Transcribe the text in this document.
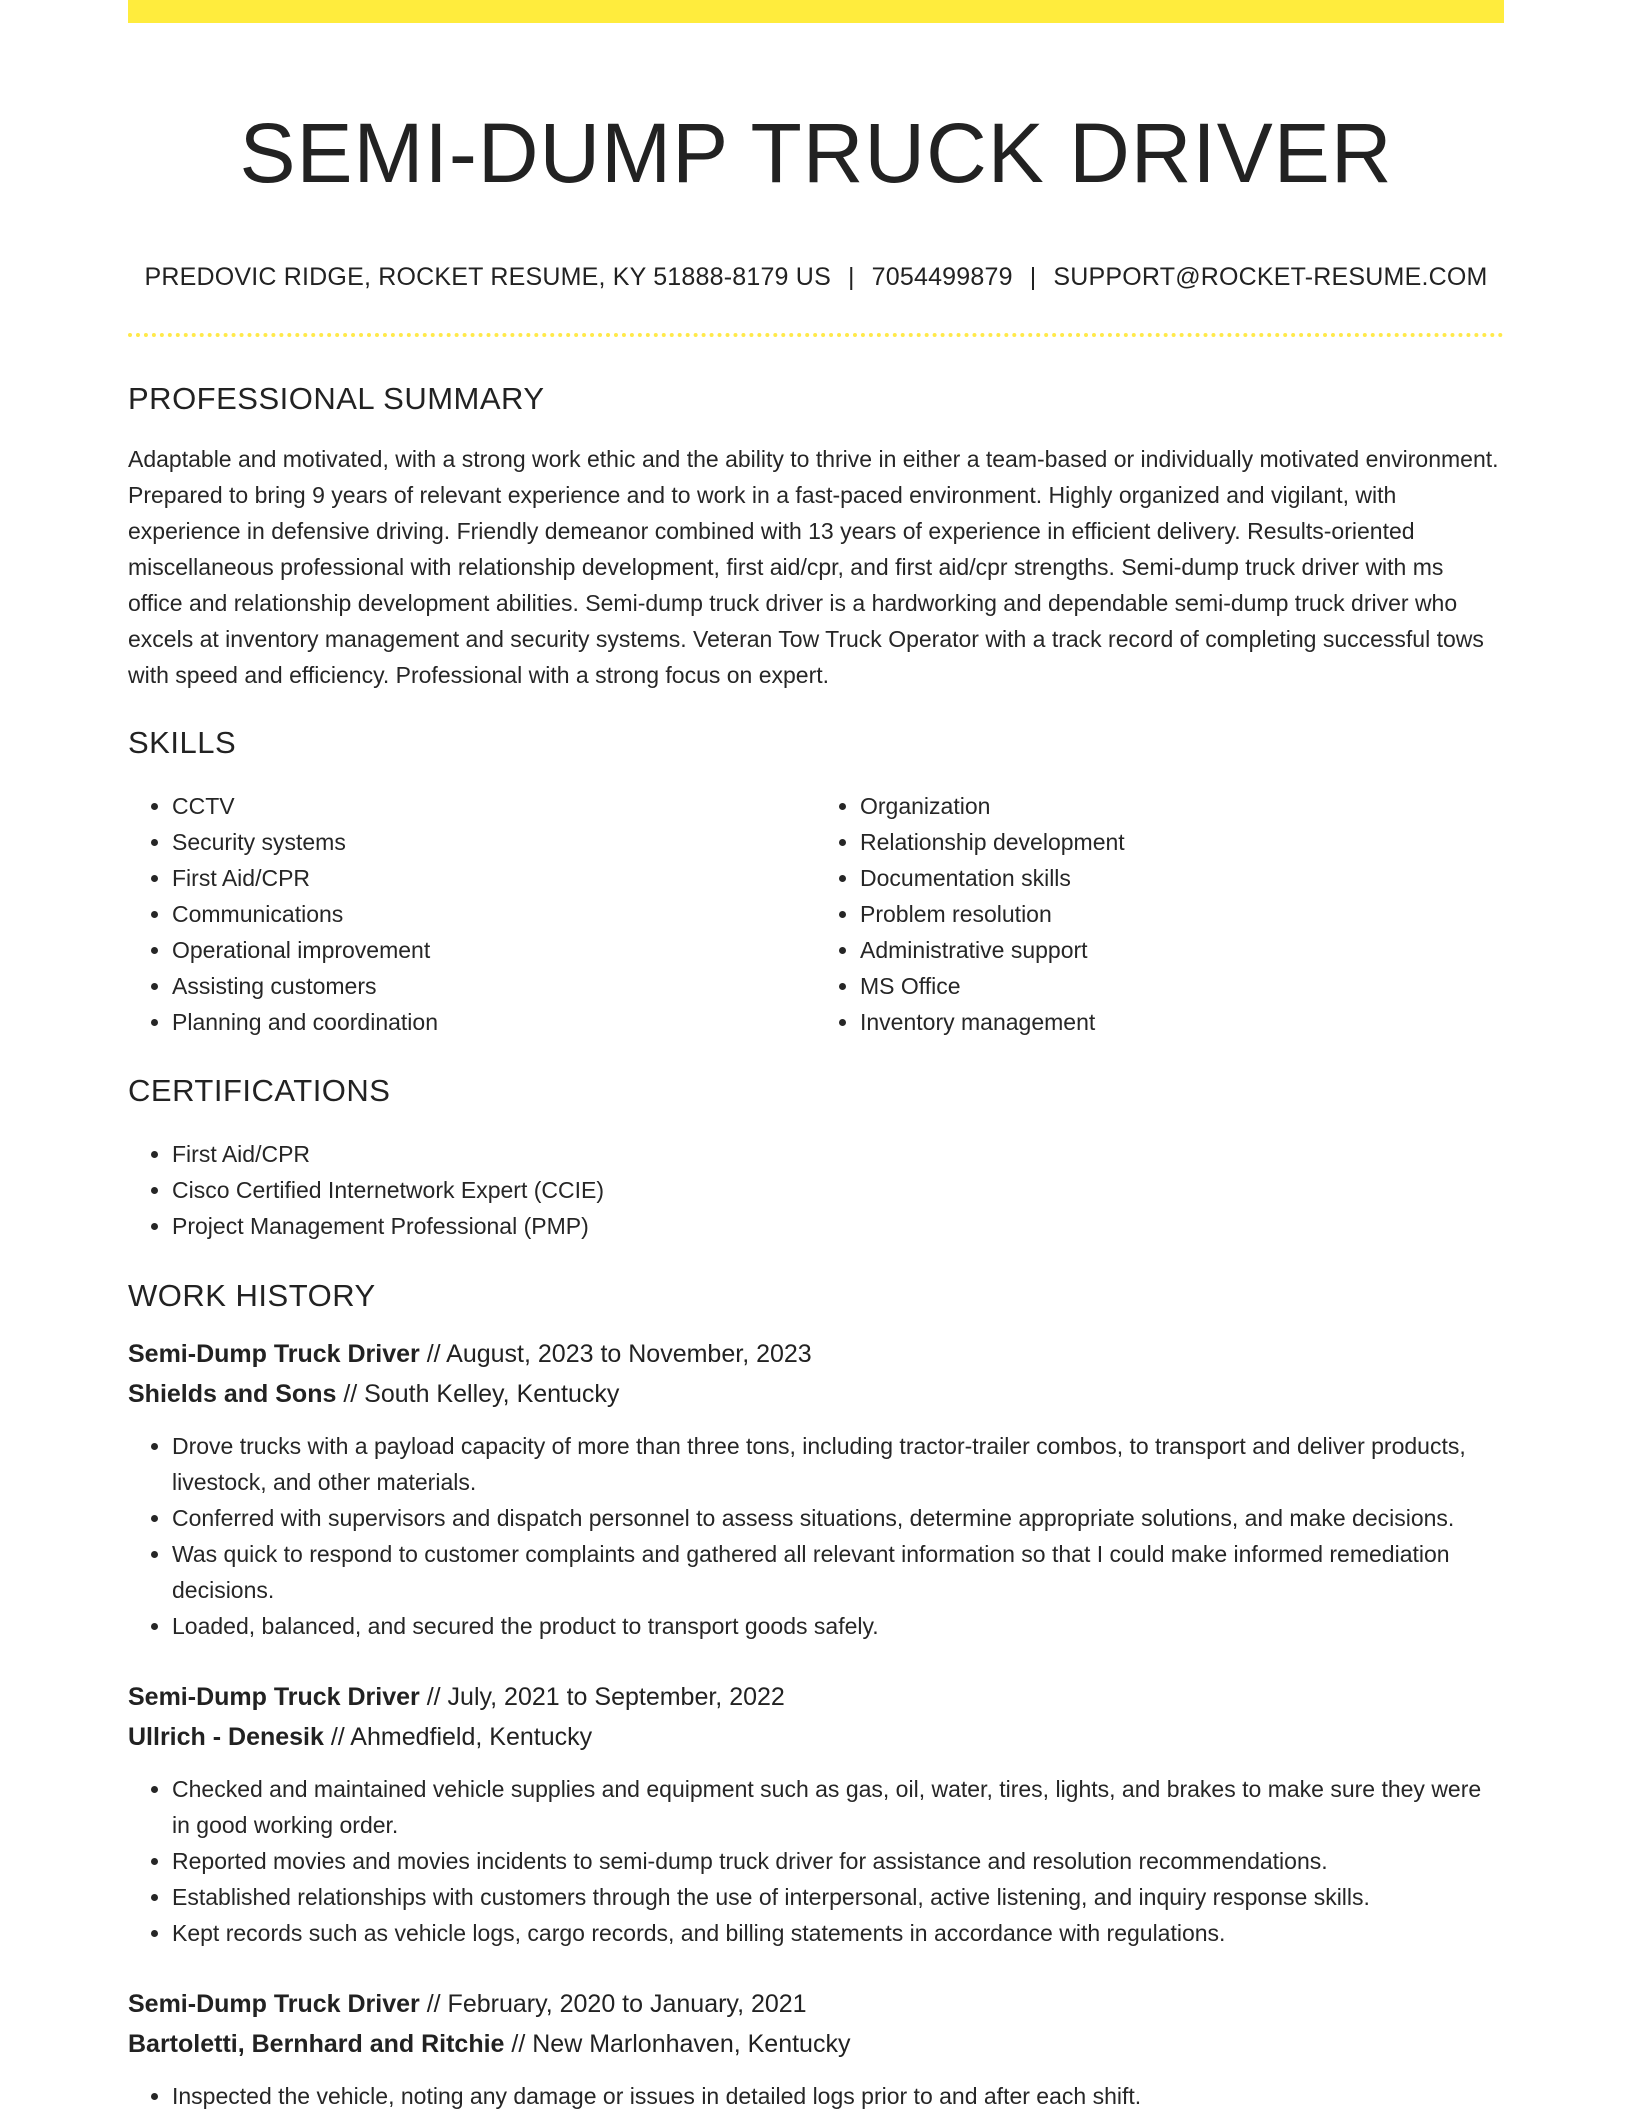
SEMI-DUMP TRUCK DRIVER
PREDOVIC RIDGE, ROCKET RESUME, KY 51888-8179 US | 7054499879 | SUPPORT@ROCKET-RESUME.COM
PROFESSIONAL SUMMARY

Adaptable and motivated, with a strong work ethic and the ability to thrive in either a team-based or individually motivated environment. Prepared to bring 9 years of relevant experience and to work in a fast-paced environment. Highly organized and vigilant, with experience in defensive driving. Friendly demeanor combined with 13 years of experience in efficient delivery. Results-oriented miscellaneous professional with relationship development, first aid/cpr, and first aid/cpr strengths. Semi-dump truck driver with ms office and relationship development abilities. Semi-dump truck driver is a hardworking and dependable semi-dump truck driver who excels at inventory management and security systems. Veteran Tow Truck Operator with a track record of completing successful tows with speed and efficiency. Professional with a strong focus on expert.

SKILLS
• CCTV
• Security systems
• First Aid/CPR
• Communications
• Operational improvement
• Assisting customers
• Planning and coordination
• Organization
• Relationship development
• Documentation skills
• Problem resolution
• Administrative support
• MS Office
• Inventory management
CERTIFICATIONS
• First Aid/CPR
• Cisco Certified Internetwork Expert (CCIE)
• Project Management Professional (PMP)
WORK HISTORY
Semi-Dump Truck Driver // August, 2023 to November, 2023
Shields and Sons // South Kelley, Kentucky
• Drove trucks with a payload capacity of more than three tons, including tractor-trailer combos, to transport and deliver products, livestock, and other materials.
• Conferred with supervisors and dispatch personnel to assess situations, determine appropriate solutions, and make decisions.
• Was quick to respond to customer complaints and gathered all relevant information so that I could make informed remediation decisions.
• Loaded, balanced, and secured the product to transport goods safely.
Semi-Dump Truck Driver // July, 2021 to September, 2022
Ullrich - Denesik // Ahmedfield, Kentucky
• Checked and maintained vehicle supplies and equipment such as gas, oil, water, tires, lights, and brakes to make sure they were in good working order.
• Reported movies and movies incidents to semi-dump truck driver for assistance and resolution recommendations.
• Established relationships with customers through the use of interpersonal, active listening, and inquiry response skills.
• Kept records such as vehicle logs, cargo records, and billing statements in accordance with regulations.
Semi-Dump Truck Driver // February, 2020 to January, 2021
Bartoletti, Bernhard and Ritchie // New Marlonhaven, Kentucky
• Inspected the vehicle, noting any damage or issues in detailed logs prior to and after each shift.
